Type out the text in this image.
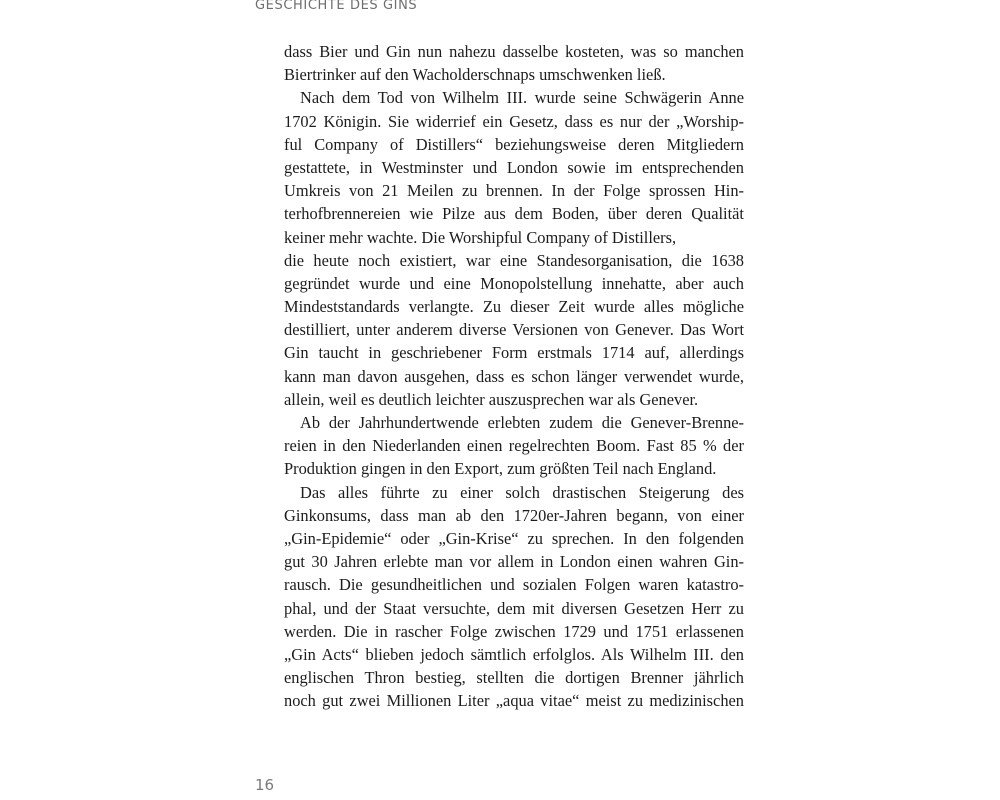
GESCHICHTE DES GINS
dass Bier und Gin nun nahezu dasselbe kosteten, was so manchen
Biertrinker auf den Wacholderschnaps umschwenken ließ.
Nach dem Tod von Wilhelm III. wurde seine Schwägerin Anne
1702 Königin. Sie widerrief ein Gesetz, dass es nur der „Worship-
ful Company of Distillers“ beziehungsweise deren Mitgliedern
gestattete, in Westminster und London sowie im entsprechenden
Umkreis von 21 Meilen zu brennen. In der Folge sprossen Hin-
terhofbrennereien wie Pilze aus dem Boden, über deren Qualität
keiner mehr wachte. Die Worshipful Company of Distillers,
die heute noch existiert, war eine Standesorganisation, die 1638
gegründet wurde und eine Monopolstellung innehatte, aber auch
Mindeststandards verlangte. Zu dieser Zeit wurde alles mögliche
destilliert, unter anderem diverse Versionen von Genever. Das Wort
Gin taucht in geschriebener Form erstmals 1714 auf, allerdings
kann man davon ausgehen, dass es schon länger verwendet wurde,
allein, weil es deutlich leichter auszusprechen war als Genever.
Ab der Jahrhundertwende erlebten zudem die Genever-Brenne-
reien in den Niederlanden einen regelrechten Boom. Fast 85 % der
Produktion gingen in den Export, zum größten Teil nach England.
Das alles führte zu einer solch drastischen Steigerung des
Ginkonsums, dass man ab den 1720er-Jahren begann, von einer
„Gin-Epidemie“ oder „Gin-Krise“ zu sprechen. In den folgenden
gut 30 Jahren erlebte man vor allem in London einen wahren Gin-
rausch. Die gesundheitlichen und sozialen Folgen waren katastro-
phal, und der Staat versuchte, dem mit diversen Gesetzen Herr zu
werden. Die in rascher Folge zwischen 1729 und 1751 erlassenen
„Gin Acts“ blieben jedoch sämtlich erfolglos. Als Wilhelm III. den
englischen Thron bestieg, stellten die dortigen Brenner jährlich
noch gut zwei Millionen Liter „aqua vitae“ meist zu medizinischen
16
